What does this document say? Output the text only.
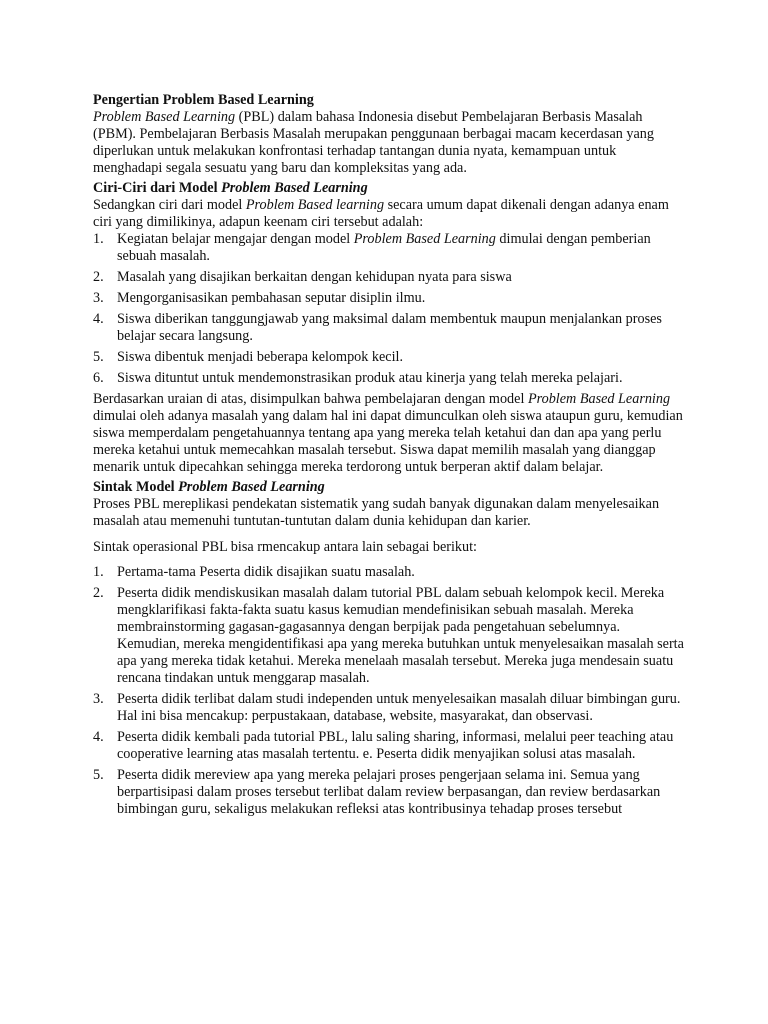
Pengertian Problem Based Learning

Problem Based Learning (PBL) dalam bahasa Indonesia disebut Pembelajaran Berbasis Masalah (PBM). Pembelajaran Berbasis Masalah merupakan penggunaan berbagai macam kecerdasan yang diperlukan untuk melakukan konfrontasi terhadap tantangan dunia nyata, kemampuan untuk menghadapi segala sesuatu yang baru dan kompleksitas yang ada.

Ciri-Ciri dari Model Problem Based Learning

Sedangkan ciri dari model Problem Based learning secara umum dapat dikenali dengan adanya enam ciri yang dimilikinya, adapun keenam ciri tersebut adalah:

1. Kegiatan belajar mengajar dengan model Problem Based Learning dimulai dengan pemberian sebuah masalah.
2. Masalah yang disajikan berkaitan dengan kehidupan nyata para siswa
3. Mengorganisasikan pembahasan seputar disiplin ilmu.
4. Siswa diberikan tanggungjawab yang maksimal dalam membentuk maupun menjalankan proses belajar secara langsung.
5. Siswa dibentuk menjadi beberapa kelompok kecil.
6. Siswa dituntut untuk mendemonstrasikan produk atau kinerja yang telah mereka pelajari.

Berdasarkan uraian di atas, disimpulkan bahwa pembelajaran dengan model Problem Based Learning dimulai oleh adanya masalah yang dalam hal ini dapat dimunculkan oleh siswa ataupun guru, kemudian siswa memperdalam pengetahuannya tentang apa yang mereka telah ketahui dan dan apa yang perlu mereka ketahui untuk memecahkan masalah tersebut. Siswa dapat memilih masalah yang dianggap menarik untuk dipecahkan sehingga mereka terdorong untuk berperan aktif dalam belajar.

Sintak Model Problem Based Learning

Proses PBL mereplikasi pendekatan sistematik yang sudah banyak digunakan dalam menyelesaikan masalah atau memenuhi tuntutan-tuntutan dalam dunia kehidupan dan karier.

Sintak operasional PBL bisa rmencakup antara lain sebagai berikut:

1. Pertama-tama Peserta didik disajikan suatu masalah.
2. Peserta didik mendiskusikan masalah dalam tutorial PBL dalam sebuah kelompok kecil. Mereka mengklarifikasi fakta-fakta suatu kasus kemudian mendefinisikan sebuah masalah. Mereka membrainstorming gagasan-gagasannya dengan berpijak pada pengetahuan sebelumnya. Kemudian, mereka mengidentifikasi apa yang mereka butuhkan untuk menyelesaikan masalah serta apa yang mereka tidak ketahui. Mereka menelaah masalah tersebut. Mereka juga mendesain suatu rencana tindakan untuk menggarap masalah.
3. Peserta didik terlibat dalam studi independen untuk menyelesaikan masalah diluar bimbingan guru. Hal ini bisa mencakup: perpustakaan, database, website, masyarakat, dan observasi.
4. Peserta didik kembali pada tutorial PBL, lalu saling sharing, informasi, melalui peer teaching atau cooperative learning atas masalah tertentu. e. Peserta didik menyajikan solusi atas masalah.
5. Peserta didik mereview apa yang mereka pelajari proses pengerjaan selama ini. Semua yang berpartisipasi dalam proses tersebut terlibat dalam review berpasangan, dan review berdasarkan bimbingan guru, sekaligus melakukan refleksi atas kontribusinya tehadap proses tersebut
